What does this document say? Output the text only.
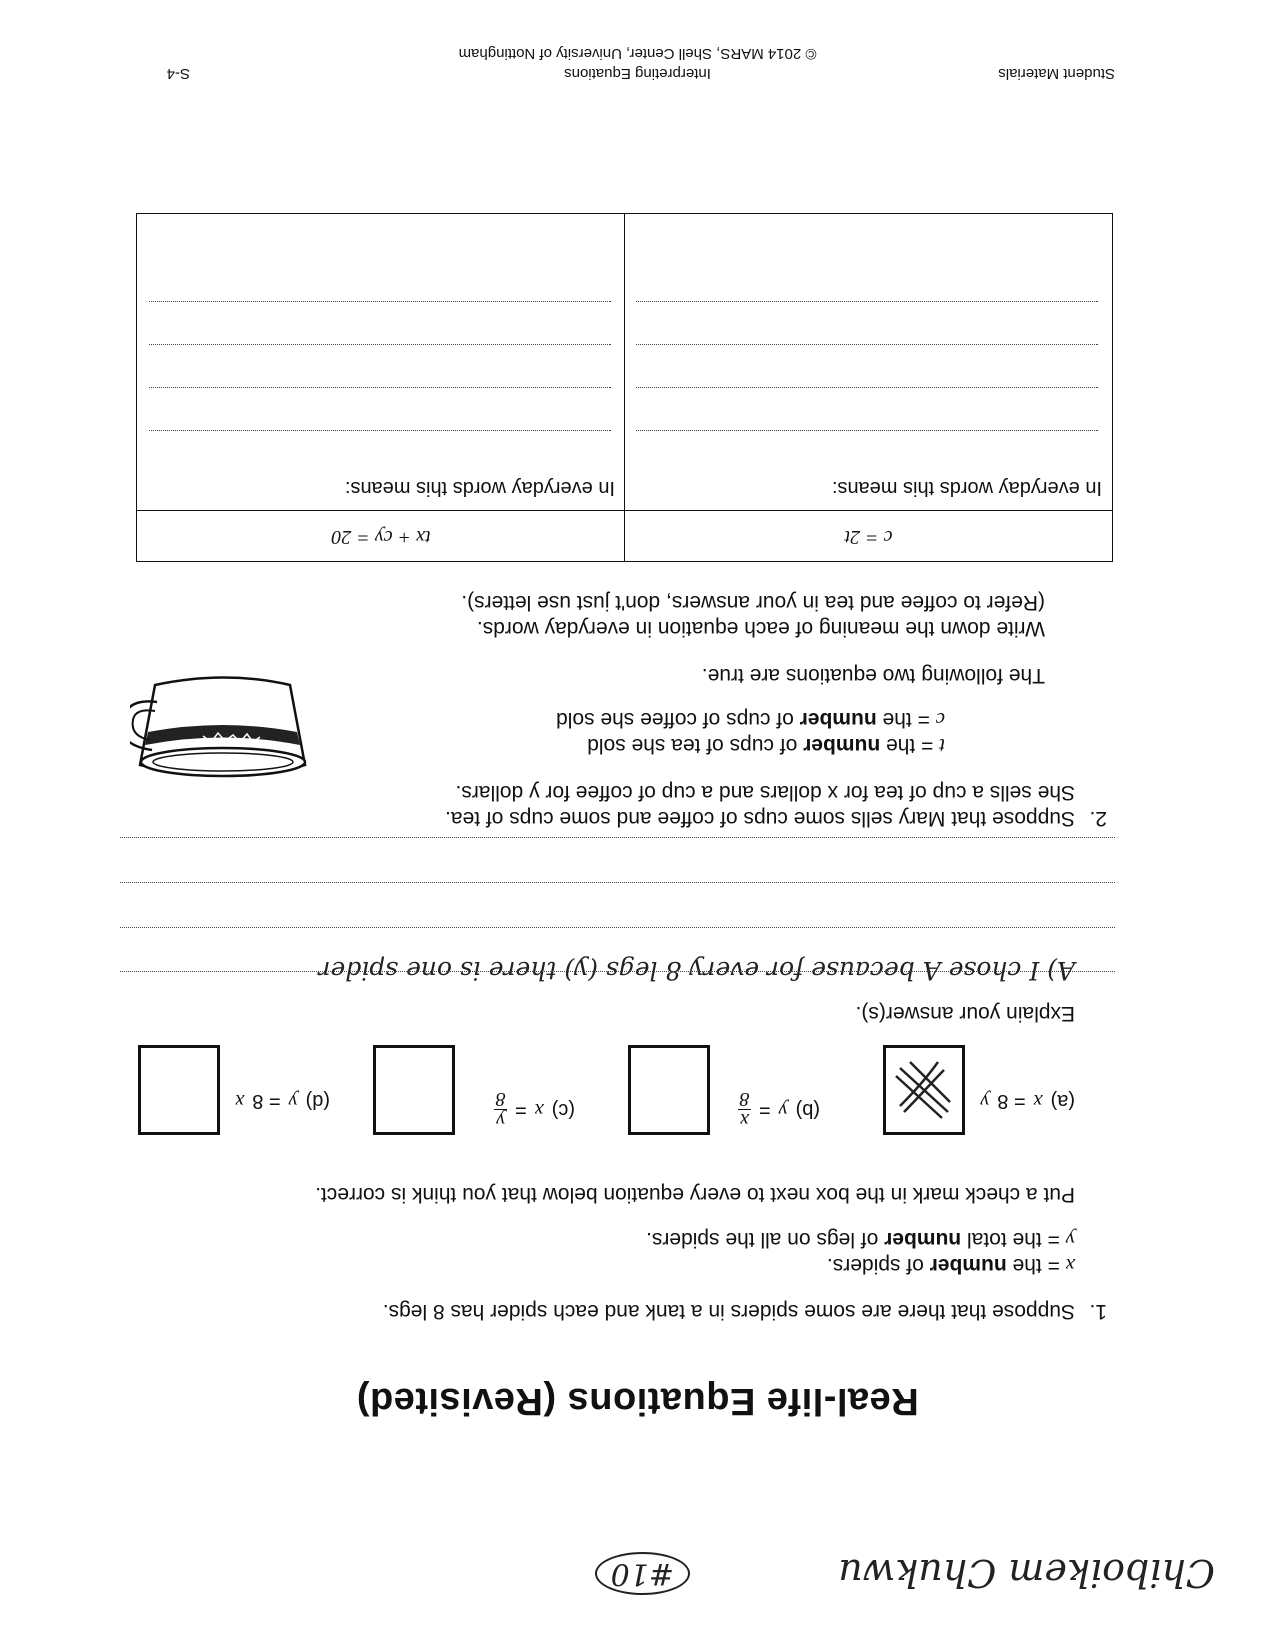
Chiboikem Chukwu
#10
Real-life Equations (Revisited)
1.
Suppose that there are some spiders in a tank and each spider has 8 legs.
x = the number of spiders.
y = the total number of legs on all the spiders.
Put a check mark in the box next to every equation below that you think is correct.
(a)
x
= 8
y
(b)
y
=
x
8
(c)
x
=
y
8
(d)
y
= 8
x
Explain your answer(s).
A) I chose A because for every 8 legs (y) there is one spider
2.
Suppose that Mary sells some cups of coffee and some cups of tea.
She sells a cup of tea for x dollars and a cup of coffee for y dollars.
t = the number of cups of tea she sold
c = the number of cups of coffee she sold
The following two equations are true.
Write down the meaning of each equation in everyday words.
(Refer to coffee and tea in your answers, don't just use letters).
c = 2t
tx + cy = 20
In everyday words this means:
In everyday words this means:
Student Materials
Interpreting Equations
© 2014 MARS, Shell Center, University of Nottingham
S-4
